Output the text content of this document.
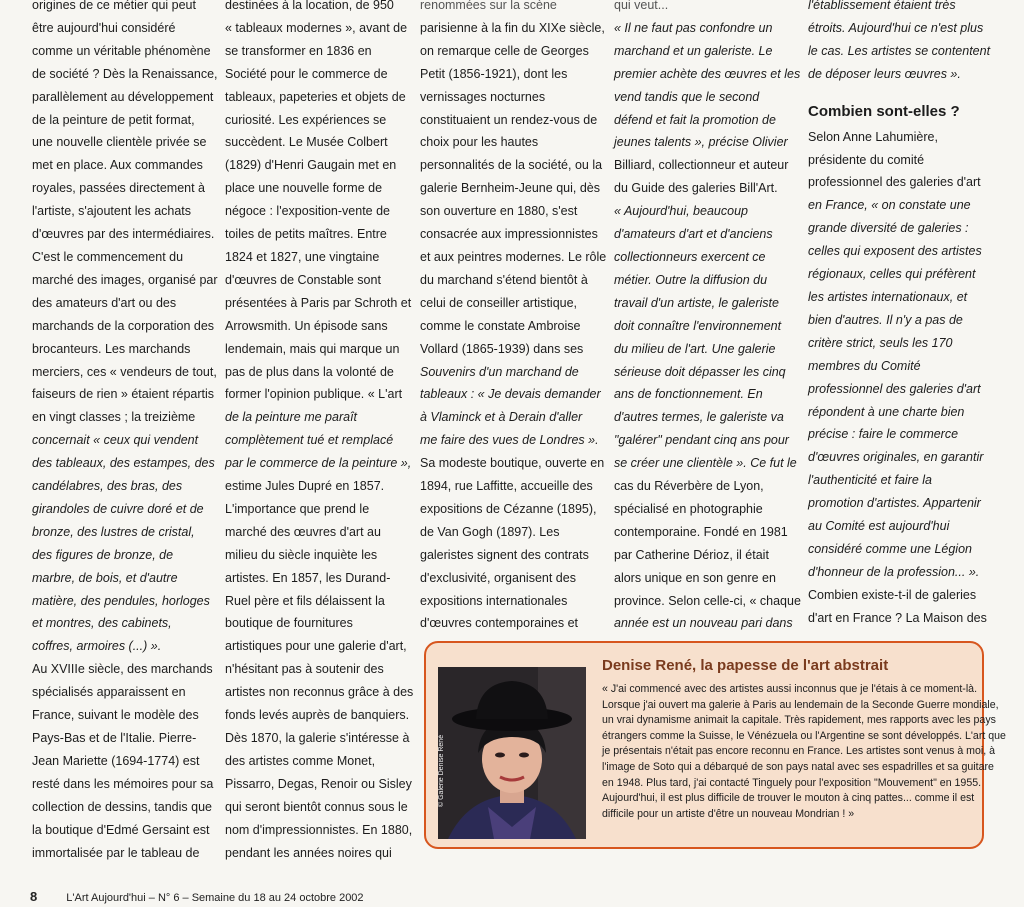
origines de ce métier qui peut
être aujourd'hui considéré
comme un véritable phénomène
de société ? Dès la Renaissance,
parallèlement au développement
de la peinture de petit format,
une nouvelle clientèle privée se
met en place. Aux commandes
royales, passées directement à
l'artiste, s'ajoutent les achats
d'œuvres par des intermédiaires.
C'est le commencement du
marché des images, organisé par
des amateurs d'art ou des
marchands de la corporation des
brocanteurs. Les marchands
merciers, ces « vendeurs de tout,
faiseurs de rien » étaient répartis
en vingt classes ; la treizième
concernait « ceux qui vendent
des tableaux, des estampes, des
candélabres, des bras, des
girandoles de cuivre doré et de
bronze, des lustres de cristal,
des figures de bronze, de
marbre, de bois, et d'autre
matière, des pendules, horloges
et montres, des cabinets,
coffres, armoires (...) ».
Au XVIIIe siècle, des marchands
spécialisés apparaissent en
France, suivant le modèle des
Pays-Bas et de l'Italie. Pierre-
Jean Mariette (1694-1774) est
resté dans les mémoires pour sa
collection de dessins, tandis que
la boutique d'Edmé Gersaint est
immortalisée par le tableau de
destinées à la location, de 950
« tableaux modernes », avant de
se transformer en 1836 en
Société pour le commerce de
tableaux, papeteries et objets de
curiosité. Les expériences se
succèdent. Le Musée Colbert
(1829) d'Henri Gaugain met en
place une nouvelle forme de
négoce : l'exposition-vente de
toiles de petits maîtres. Entre
1824 et 1827, une vingtaine
d'œuvres de Constable sont
présentées à Paris par Schroth et
Arrowsmith. Un épisode sans
lendemain, mais qui marque un
pas de plus dans la volonté de
former l'opinion publique. « L'art
de la peinture me paraît
complètement tué et remplacé
par le commerce de la peinture »,
estime Jules Dupré en 1857.
L'importance que prend le
marché des œuvres d'art au
milieu du siècle inquiète les
artistes. En 1857, les Durand-
Ruel père et fils délaissent la
boutique de fournitures
artistiques pour une galerie d'art,
n'hésitant pas à soutenir des
artistes non reconnus grâce à des
fonds levés auprès de banquiers.
Dès 1870, la galerie s'intéresse à
des artistes comme Monet,
Pissarro, Degas, Renoir ou Sisley
qui seront bientôt connus sous le
nom d'impressionnistes. En 1880,
pendant les années noires qui
renommées sur la scène
parisienne à la fin du XIXe siècle,
on remarque celle de Georges
Petit (1856-1921), dont les
vernissages nocturnes
constituaient un rendez-vous de
choix pour les hautes
personnalités de la société, ou la
galerie Bernheim-Jeune qui, dès
son ouverture en 1880, s'est
consacrée aux impressionnistes
et aux peintres modernes. Le rôle
du marchand s'étend bientôt à
celui de conseiller artistique,
comme le constate Ambroise
Vollard (1865-1939) dans ses
Souvenirs d'un marchand de
tableaux : « Je devais demander
à Vlaminck et à Derain d'aller
me faire des vues de Londres ».
Sa modeste boutique, ouverte en
1894, rue Laffitte, accueille des
expositions de Cézanne (1895),
de Van Gogh (1897). Les
galeristes signent des contrats
d'exclusivité, organisent des
expositions internationales
d'œuvres contemporaines et
qui veut...
« Il ne faut pas confondre un
marchand et un galeriste. Le
premier achète des œuvres et les
vend tandis que le second
défend et fait la promotion de
jeunes talents », précise Olivier
Billiard, collectionneur et auteur
du Guide des galeries Bill'Art.
« Aujourd'hui, beaucoup
d'amateurs d'art et d'anciens
collectionneurs exercent ce
métier. Outre la diffusion du
travail d'un artiste, le galeriste
doit connaître l'environnement
du milieu de l'art. Une galerie
sérieuse doit dépasser les cinq
ans de fonctionnement. En
d'autres termes, le galeriste va
"galérer" pendant cinq ans pour
se créer une clientèle ». Ce fut le
cas du Réverbère de Lyon,
spécialisé en photographie
contemporaine. Fondé en 1981
par Catherine Dérioz, il était
alors unique en son genre en
province. Selon celle-ci, « chaque
année est un nouveau pari dans
l'établissement étaient très
étroits. Aujourd'hui ce n'est plus
le cas. Les artistes se contentent
de déposer leurs œuvres ».
Combien sont-elles ?
Selon Anne Lahumière,
présidente du comité
professionnel des galeries d'art
en France, « on constate une
grande diversité de galeries :
celles qui exposent des artistes
régionaux, celles qui préfèrent
les artistes internationaux, et
bien d'autres. Il n'y a pas de
critère strict, seuls les 170
membres du Comité
professionnel des galeries d'art
répondent à une charte bien
précise : faire le commerce
d'œuvres originales, en garantir
l'authenticité et faire la
promotion d'artistes. Appartenir
au Comité est aujourd'hui
considéré comme une Légion
d'honneur de la profession... ».
Combien existe-t-il de galeries
d'art en France ? La Maison des
© Galerie Denise René
Denise René, la papesse de l'art abstrait
« J'ai commencé avec des artistes aussi inconnus que je l'étais à ce moment-là.
Lorsque j'ai ouvert ma galerie à Paris au lendemain de la Seconde Guerre mondiale,
un vrai dynamisme animait la capitale. Très rapidement, mes rapports avec les pays
étrangers comme la Suisse, le Vénézuela ou l'Argentine se sont développés. L'art que
je présentais n'était pas encore reconnu en France. Les artistes sont venus à moi, à
l'image de Soto qui a débarqué de son pays natal avec ses espadrilles et sa guitare
en 1948. Plus tard, j'ai contacté Tinguely pour l'exposition "Mouvement" en 1955.
Aujourd'hui, il est plus difficile de trouver le mouton à cinq pattes... comme il est
difficile pour un artiste d'être un nouveau Mondrian ! »
8	L'Art Aujourd'hui – N° 6 – Semaine du 18 au 24 octobre 2002
